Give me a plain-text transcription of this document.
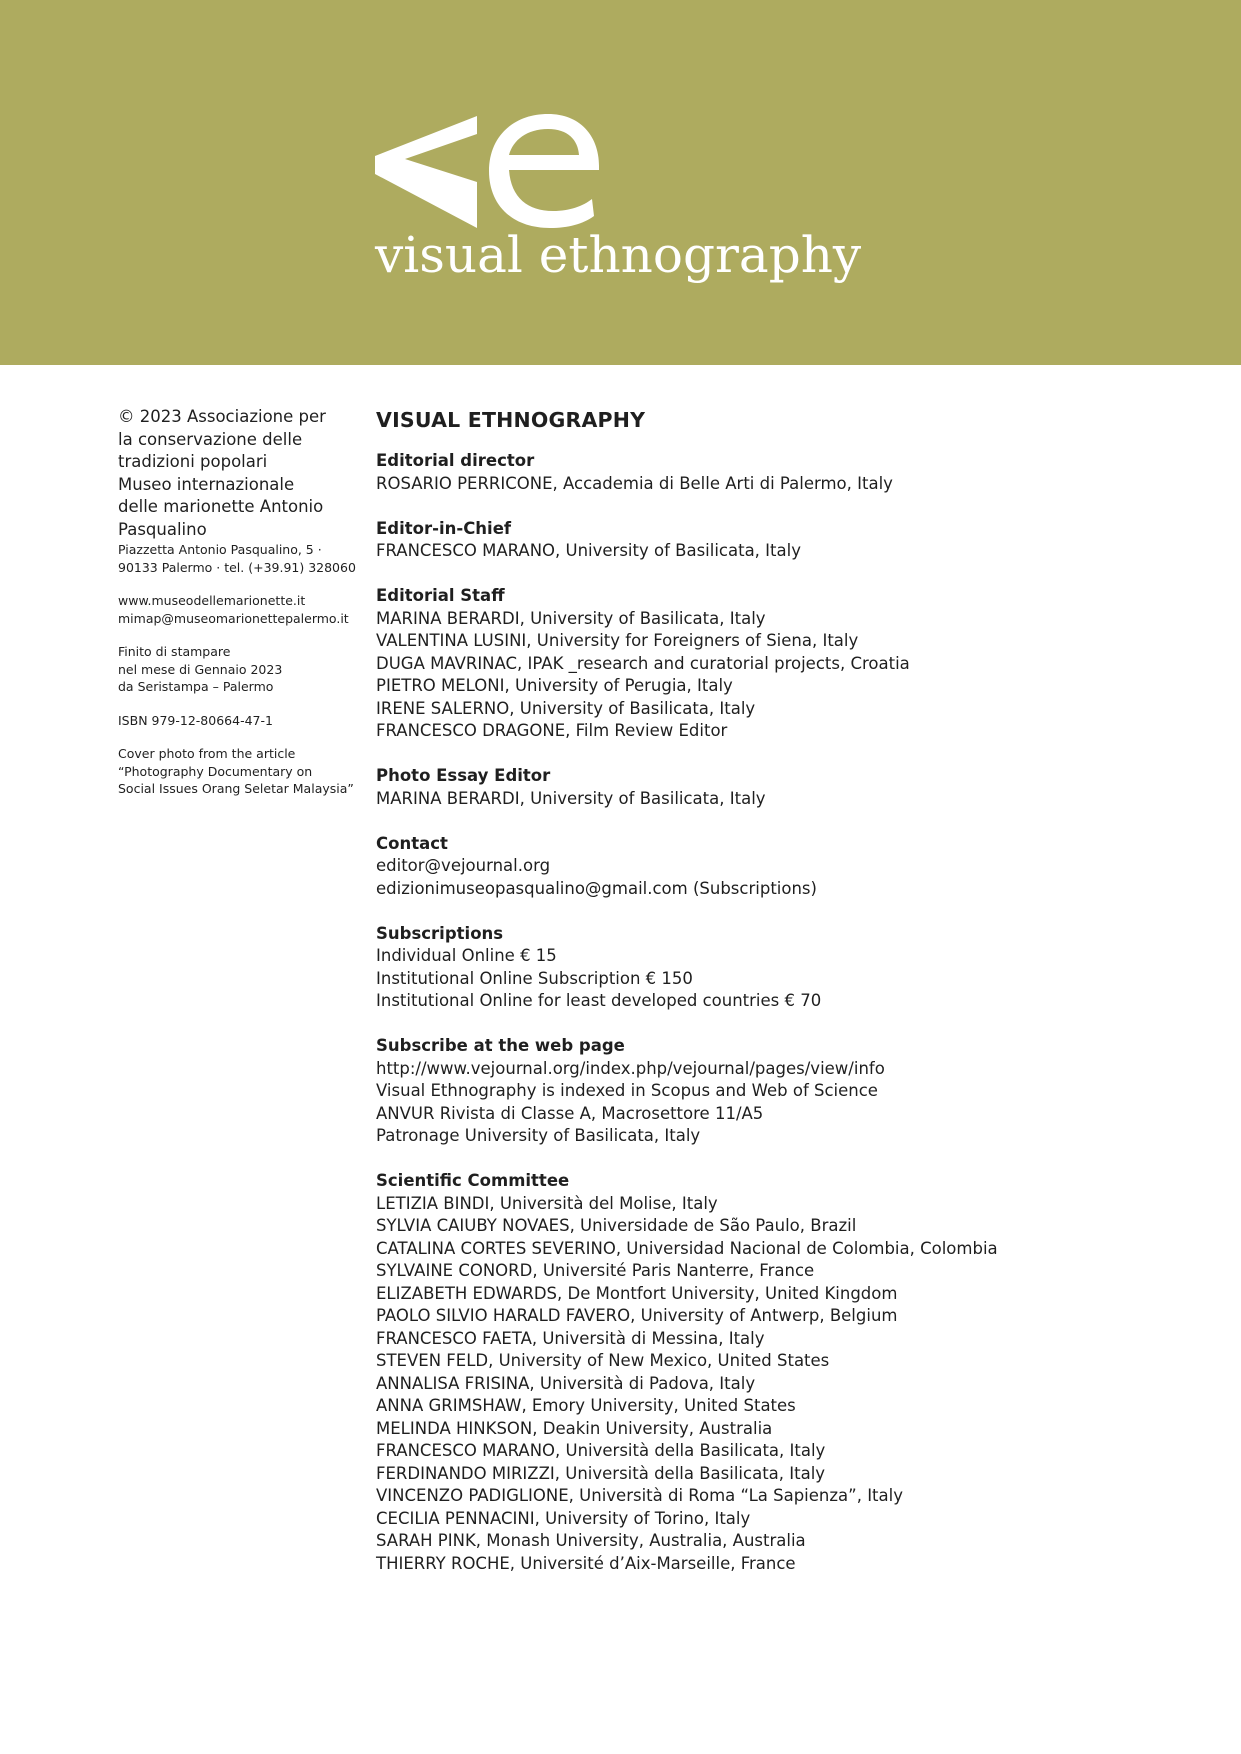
visual ethnography

© 2023 Associazione per

la conservazione delle

tradizioni popolari

Museo internazionale

delle marionette Antonio

Pasqualino

Piazzetta Antonio Pasqualino, 5 ·

90133 Palermo · tel. (+39.91) 328060

www.museodellemarionette.it

mimap@museomarionettepalermo.it

Finito di stampare

nel mese di Gennaio 2023

da Seristampa – Palermo

ISBN 979-12-80664-47-1

Cover photo from the article

“Photography Documentary on

Social Issues Orang Seletar Malaysia”

VISUAL ETHNOGRAPHY
Editorial director

ROSARIO PERRICONE, Accademia di Belle Arti di Palermo, Italy

Editor-in-Chief

FRANCESCO MARANO, University of Basilicata, Italy

Editorial Staff

MARINA BERARDI, University of Basilicata, Italy

VALENTINA LUSINI, University for Foreigners of Siena, Italy

DUGA MAVRINAC, IPAK _research and curatorial projects, Croatia

PIETRO MELONI, University of Perugia, Italy

IRENE SALERNO, University of Basilicata, Italy

FRANCESCO DRAGONE, Film Review Editor

Photo Essay Editor

MARINA BERARDI, University of Basilicata, Italy

Contact

editor@vejournal.org

edizionimuseopasqualino@gmail.com (Subscriptions)

Subscriptions

Individual Online € 15

Institutional Online Subscription € 150

Institutional Online for least developed countries € 70

Subscribe at the web page

http://www.vejournal.org/index.php/vejournal/pages/view/info

Visual Ethnography is indexed in Scopus and Web of Science

ANVUR Rivista di Classe A, Macrosettore 11/A5

Patronage University of Basilicata, Italy

Scientific Committee

LETIZIA BINDI, Università del Molise, Italy

SYLVIA CAIUBY NOVAES, Universidade de São Paulo, Brazil

CATALINA CORTES SEVERINO, Universidad Nacional de Colombia, Colombia

SYLVAINE CONORD, Université Paris Nanterre, France

ELIZABETH EDWARDS, De Montfort University, United Kingdom

PAOLO SILVIO HARALD FAVERO, University of Antwerp, Belgium

FRANCESCO FAETA, Università di Messina, Italy

STEVEN FELD, University of New Mexico, United States

ANNALISA FRISINA, Università di Padova, Italy

ANNA GRIMSHAW, Emory University, United States

MELINDA HINKSON, Deakin University, Australia

FRANCESCO MARANO, Università della Basilicata, Italy

FERDINANDO MIRIZZI, Università della Basilicata, Italy

VINCENZO PADIGLIONE, Università di Roma “La Sapienza”, Italy

CECILIA PENNACINI, University of Torino, Italy

SARAH PINK, Monash University, Australia, Australia

THIERRY ROCHE, Université d’Aix-Marseille, France
